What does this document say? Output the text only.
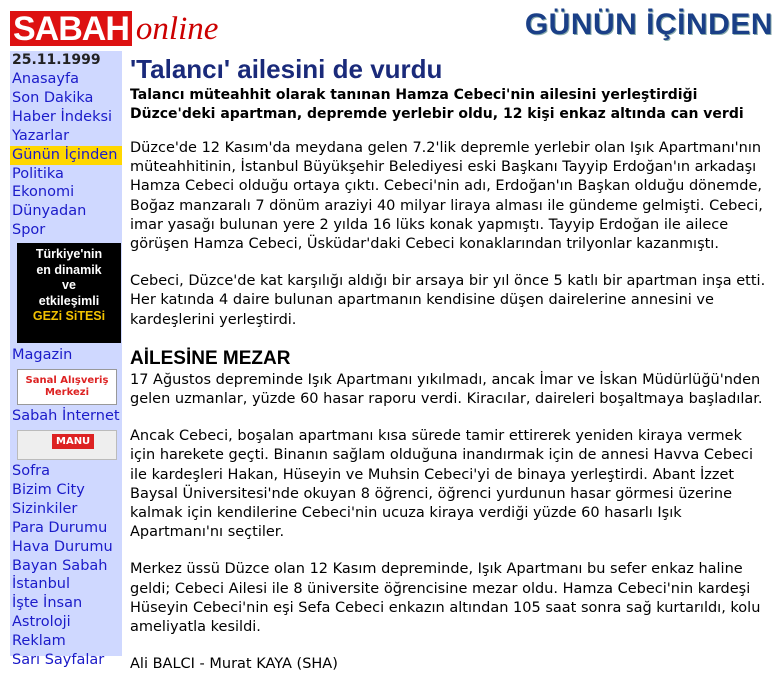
SABAH online	GÜNÜN İÇİNDEN
25.11.1999
Anasayfa
Son Dakika
Haber İndeksi
Yazarlar
Günün İçinden
Politika
Ekonomi
Dünyadan
Spor
Türkiye'nin
en dinamik
ve
etkileşimli
GEZi SiTESi
Magazin
Sanal Alışveriş
Merkezi
Sabah İnternet
MANU
Sofra
Bizim City
Sizinkiler
Para Durumu
Hava Durumu
Bayan Sabah
İstanbul
İşte İnsan
Astroloji
Reklam
Sarı Sayfalar
'Talancı' ailesini de vurdu
Talancı müteahhit olarak tanınan Hamza Cebeci'nin ailesini yerleştirdiği Düzce'deki apartman, depremde yerlebir oldu, 12 kişi enkaz altında can verdi

Düzce'de 12 Kasım'da meydana gelen 7.2'lik depremle yerlebir olan Işık Apartmanı'nın müteahhitinin, İstanbul Büyükşehir Belediyesi eski Başkanı Tayyip Erdoğan'ın arkadaşı Hamza Cebeci olduğu ortaya çıktı. Cebeci'nin adı, Erdoğan'ın Başkan olduğu dönemde, Boğaz manzaralı 7 dönüm araziyi 40 milyar liraya alması ile gündeme gelmişti. Cebeci, imar yasağı bulunan yere 2 yılda 16 lüks konak yapmıştı. Tayyip Erdoğan ile ailece görüşen Hamza Cebeci, Üsküdar'daki Cebeci konaklarından trilyonlar kazanmıştı.

Cebeci, Düzce'de kat karşılığı aldığı bir arsaya bir yıl önce 5 katlı bir apartman inşa etti. Her katında 4 daire bulunan apartmanın kendisine düşen dairelerine annesini ve kardeşlerini yerleştirdi.

AİLESİNE MEZAR

17 Ağustos depreminde Işık Apartmanı yıkılmadı, ancak İmar ve İskan Müdürlüğü'nden gelen uzmanlar, yüzde 60 hasar raporu verdi. Kiracılar, daireleri boşaltmaya başladılar.

Ancak Cebeci, boşalan apartmanı kısa sürede tamir ettirerek yeniden kiraya vermek için harekete geçti. Binanın sağlam olduğuna inandırmak için de annesi Havva Cebeci ile kardeşleri Hakan, Hüseyin ve Muhsin Cebeci'yi de binaya yerleştirdi. Abant İzzet Baysal Üniversitesi'nde okuyan 8 öğrenci, öğrenci yurdunun hasar görmesi üzerine kalmak için kendilerine Cebeci'nin ucuza kiraya verdiği yüzde 60 hasarlı Işık Apartmanı'nı seçtiler.

Merkez üssü Düzce olan 12 Kasım depreminde, Işık Apartmanı bu sefer enkaz haline geldi; Cebeci Ailesi ile 8 üniversite öğrencisine mezar oldu. Hamza Cebeci'nin kardeşi Hüseyin Cebeci'nin eşi Sefa Cebeci enkazın altından 105 saat sonra sağ kurtarıldı, kolu ameliyatla kesildi.

Ali BALCI - Murat KAYA (SHA)
